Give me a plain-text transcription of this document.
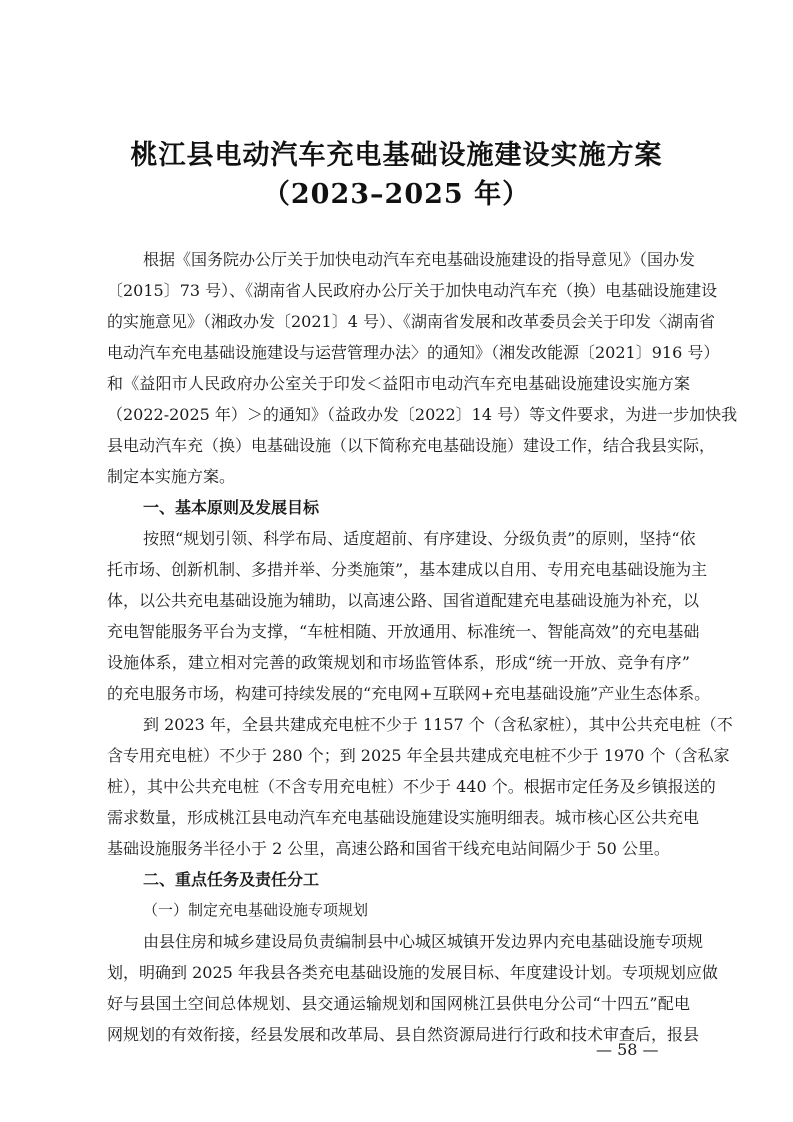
桃江县电动汽车充电基础设施建设实施方案
（2023–2025 年）
根据《国务院办公厅关于加快电动汽车充电基础设施建设的指导意见》（国办发
〔2015〕73 号）、《湖南省人民政府办公厅关于加快电动汽车充（换）电基础设施建设
的实施意见》（湘政办发〔2021〕4 号）、《湖南省发展和改革委员会关于印发〈湖南省
电动汽车充电基础设施建设与运营管理办法〉的通知》（湘发改能源〔2021〕916 号）
和《益阳市人民政府办公室关于印发＜益阳市电动汽车充电基础设施建设实施方案
（2022-2025 年）＞的通知》（益政办发〔2022〕14 号）等文件要求，为进一步加快我
县电动汽车充（换）电基础设施（以下简称充电基础设施）建设工作，结合我县实际，
制定本实施方案。
一、基本原则及发展目标
按照“规划引领、科学布局、适度超前、有序建设、分级负责”的原则，坚持“依
托市场、创新机制、多措并举、分类施策”，基本建成以自用、专用充电基础设施为主
体，以公共充电基础设施为辅助，以高速公路、国省道配建充电基础设施为补充，以
充电智能服务平台为支撑，“车桩相随、开放通用、标准统一、智能高效”的充电基础
设施体系，建立相对完善的政策规划和市场监管体系，形成“统一开放、竞争有序”
的充电服务市场，构建可持续发展的“充电网+互联网+充电基础设施”产业生态体系。
到 2023 年，全县共建成充电桩不少于 1157 个（含私家桩），其中公共充电桩（不
含专用充电桩）不少于 280 个；到 2025 年全县共建成充电桩不少于 1970 个（含私家
桩），其中公共充电桩（不含专用充电桩）不少于 440 个。根据市定任务及乡镇报送的
需求数量，形成桃江县电动汽车充电基础设施建设实施明细表。城市核心区公共充电
基础设施服务半径小于 2 公里，高速公路和国省干线充电站间隔少于 50 公里。
二、重点任务及责任分工
（一）制定充电基础设施专项规划
由县住房和城乡建设局负责编制县中心城区城镇开发边界内充电基础设施专项规
划，明确到 2025 年我县各类充电基础设施的发展目标、年度建设计划。专项规划应做
好与县国土空间总体规划、县交通运输规划和国网桃江县供电分公司“十四五”配电
网规划的有效衔接，经县发展和改革局、县自然资源局进行行政和技术审查后，报县
— 58 —
